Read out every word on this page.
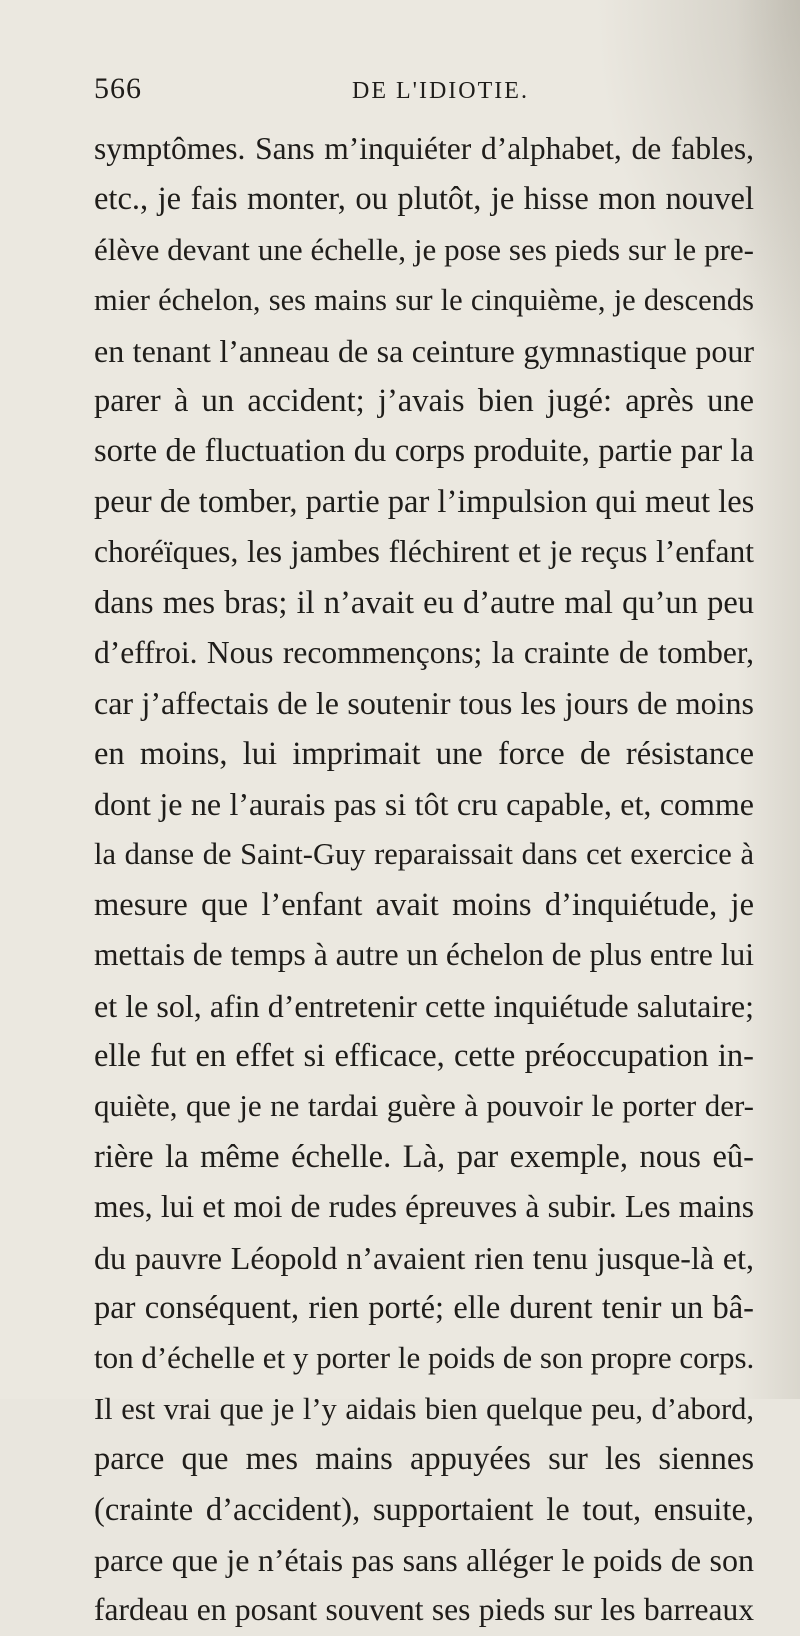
566	DE L'IDIOTIE.
symptômes. Sans m’inquiéter d’alphabet, de fables,
etc., je fais monter, ou plutôt, je hisse mon nouvel
élève devant une échelle, je pose ses pieds sur le pre-
mier échelon, ses mains sur le cinquième, je descends
en tenant l’anneau de sa ceinture gymnastique pour
parer à un accident; j’avais bien jugé: après une
sorte de fluctuation du corps produite, partie par la
peur de tomber, partie par l’impulsion qui meut les
choréïques, les jambes fléchirent et je reçus l’enfant
dans mes bras; il n’avait eu d’autre mal qu’un peu
d’effroi. Nous recommençons; la crainte de tomber,
car j’affectais de le soutenir tous les jours de moins
en moins, lui imprimait une force de résistance
dont je ne l’aurais pas si tôt cru capable, et, comme
la danse de Saint-Guy reparaissait dans cet exercice à
mesure que l’enfant avait moins d’inquiétude, je
mettais de temps à autre un échelon de plus entre lui
et le sol, afin d’entretenir cette inquiétude salutaire;
elle fut en effet si efficace, cette préoccupation in-
quiète, que je ne tardai guère à pouvoir le porter der-
rière la même échelle. Là, par exemple, nous eû-
mes, lui et moi de rudes épreuves à subir. Les mains
du pauvre Léopold n’avaient rien tenu jusque-là et,
par conséquent, rien porté; elle durent tenir un bâ-
ton d’échelle et y porter le poids de son propre corps.
Il est vrai que je l’y aidais bien quelque peu, d’abord,
parce que mes mains appuyées sur les siennes
(crainte d’accident), supportaient le tout, ensuite,
parce que je n’étais pas sans alléger le poids de son
fardeau en posant souvent ses pieds sur les barreaux
